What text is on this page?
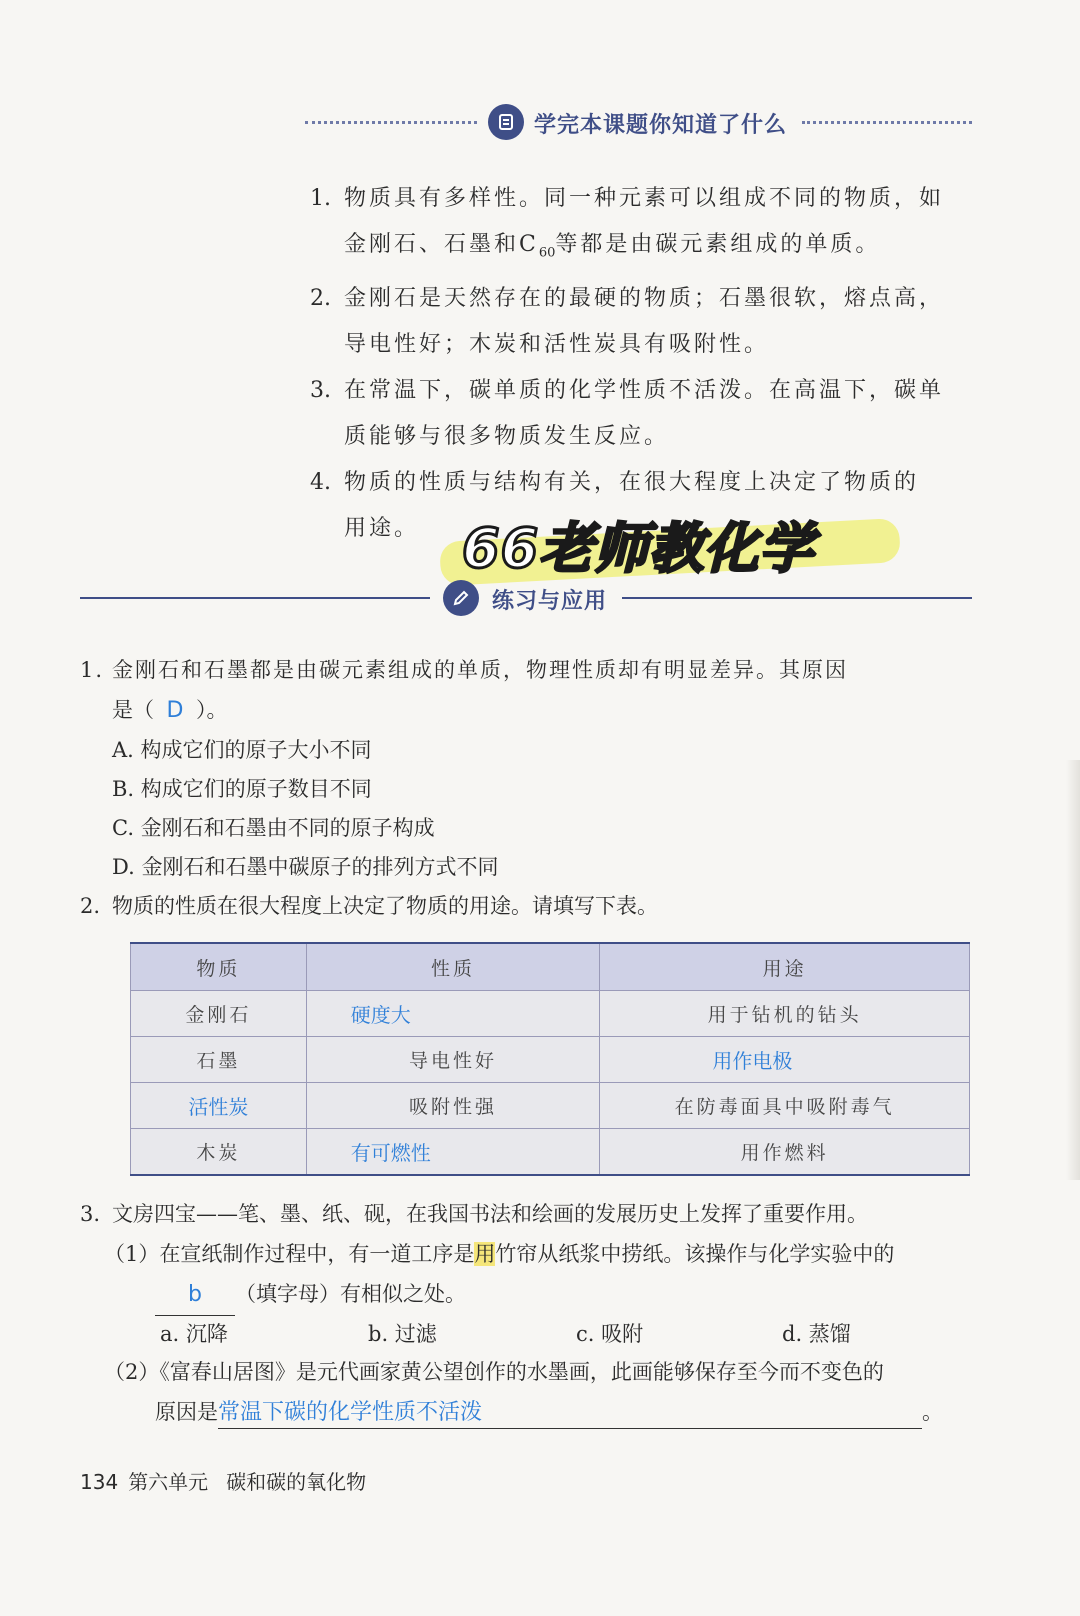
学完本课题你知道了什么

1. 物质具有多样性。同一种元素可以组成不同的物质，如
金刚石、石墨和$C_{60}$等都是由碳元素组成的单质。

2. 金刚石是天然存在的最硬的物质；石墨很软，熔点高，
导电性好；木炭和活性炭具有吸附性。

3. 在常温下，碳单质的化学性质不活泼。在高温下，碳单
质能够与很多物质发生反应。

4. 物质的性质与结构有关，在很大程度上决定了物质的
用途。 66老师教化学
练习与应用
1. 金刚石和石墨都是由碳元素组成的单质，物理性质却有明显差异。其原因
是（ D ）。
A. 构成它们的原子大小不同
B. 构成它们的原子数目不同
C. 金刚石和石墨由不同的原子构成
D. 金刚石和石墨中碳原子的排列方式不同
2. 物质的性质在很大程度上决定了物质的用途。请填写下表。
物质	性质	用途
金刚石	硬度大	用于钻机的钻头
石墨	导电性好	用作电极
活性炭	吸附性强	在防毒面具中吸附毒气
木炭	有可燃性	用作燃料
3. 文房四宝——笔、墨、纸、砚，在我国书法和绘画的发展历史上发挥了重要作用。
（1）在宣纸制作过程中，有一道工序是用竹帘从纸浆中捞纸。该操作与化学实验中的
b （填字母）有相似之处。
a. 沉降	b. 过滤	c. 吸附	d. 蒸馏
（2）《富春山居图》是元代画家黄公望创作的水墨画，此画能够保存至今而不变色的
原因是常温下碳的化学性质不活泼	。
134 第六单元 碳和碳的氧化物
